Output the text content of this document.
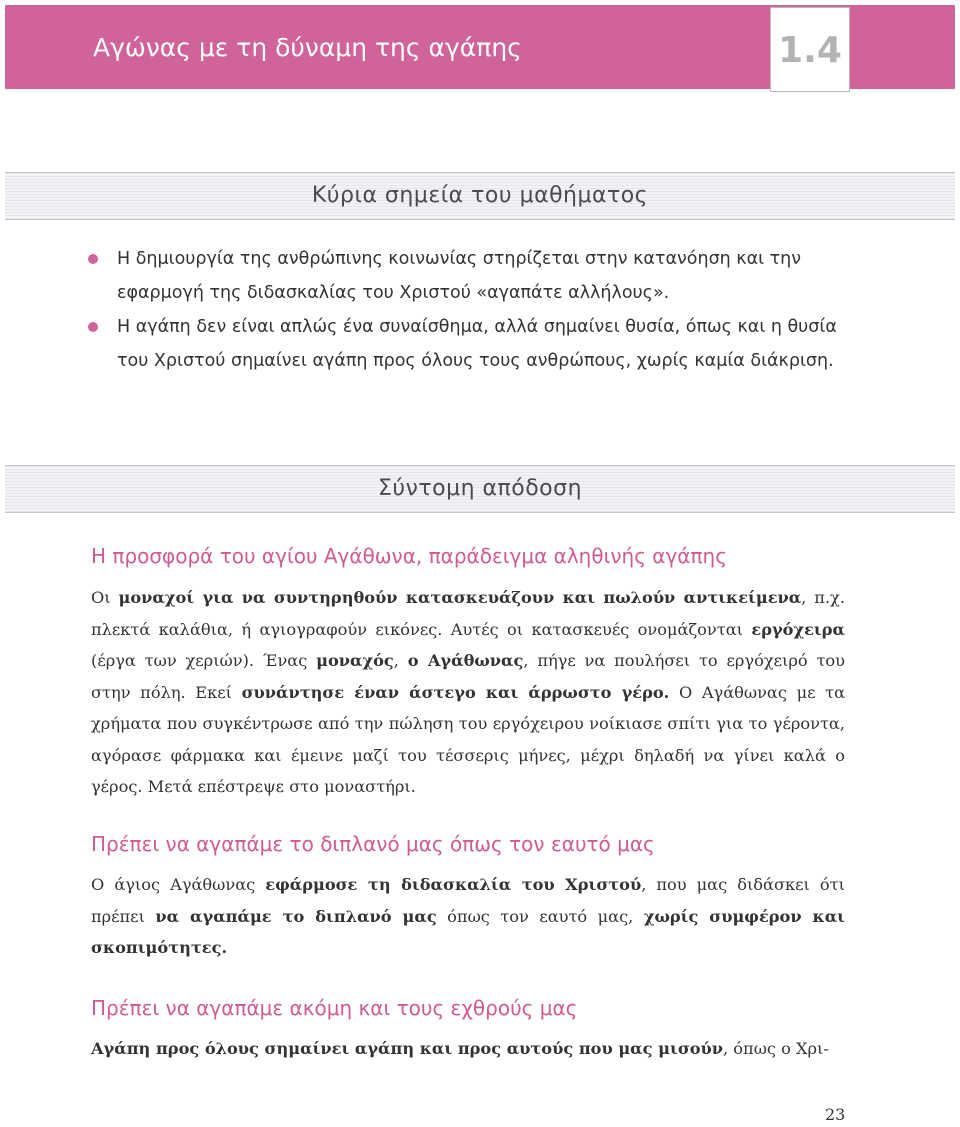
Αγώνας με τη δύναμη της αγάπης	1.4
Κύρια σημεία του μαθήματος
Η δημιουργία της ανθρώπινης κοινωνίας στηρίζεται στην κατανόηση και την εφαρμογή της διδασκαλίας του Χριστού «αγαπάτε αλλήλους».
Η αγάπη δεν είναι απλώς ένα συναίσθημα, αλλά σημαίνει θυσία, όπως και η θυσία του Χριστού σημαίνει αγάπη προς όλους τους ανθρώπους, χωρίς καμία διάκριση.
Σύντομη απόδοση
Η προσφορά του αγίου Αγάθωνα, παράδειγμα αληθινής αγάπης
Οι μοναχοί για να συντηρηθούν κατασκευάζουν και πωλούν αντικείμενα, π.χ. πλεκτά καλάθια, ή αγιογραφούν εικόνες. Αυτές οι κατασκευές ονομάζονται εργόχειρα (έργα των χεριών). Ένας μοναχός, ο Αγάθωνας, πήγε να πουλήσει το εργόχειρό του στην πόλη. Εκεί συνάντησε έναν άστεγο και άρρωστο γέρο. Ο Αγάθωνας με τα χρήματα που συγκέντρωσε από την πώληση του εργόχειρου νοίκιασε σπίτι για το γέροντα, αγόρασε φάρμακα και έμεινε μαζί του τέσσερις μήνες, μέχρι δηλαδή να γίνει καλά ο γέρος. Μετά επέστρεψε στο μοναστήρι.
Πρέπει να αγαπάμε το διπλανό μας όπως τον εαυτό μας
Ο άγιος Αγάθωνας εφάρμοσε τη διδασκαλία του Χριστού, που μας διδάσκει ότι πρέπει να αγαπάμε το διπλανό μας όπως τον εαυτό μας, χωρίς συμφέρον και σκοπιμότητες.
Πρέπει να αγαπάμε ακόμη και τους εχθρούς μας
Αγάπη προς όλους σημαίνει αγάπη και προς αυτούς που μας μισούν, όπως ο Χρι-
23
